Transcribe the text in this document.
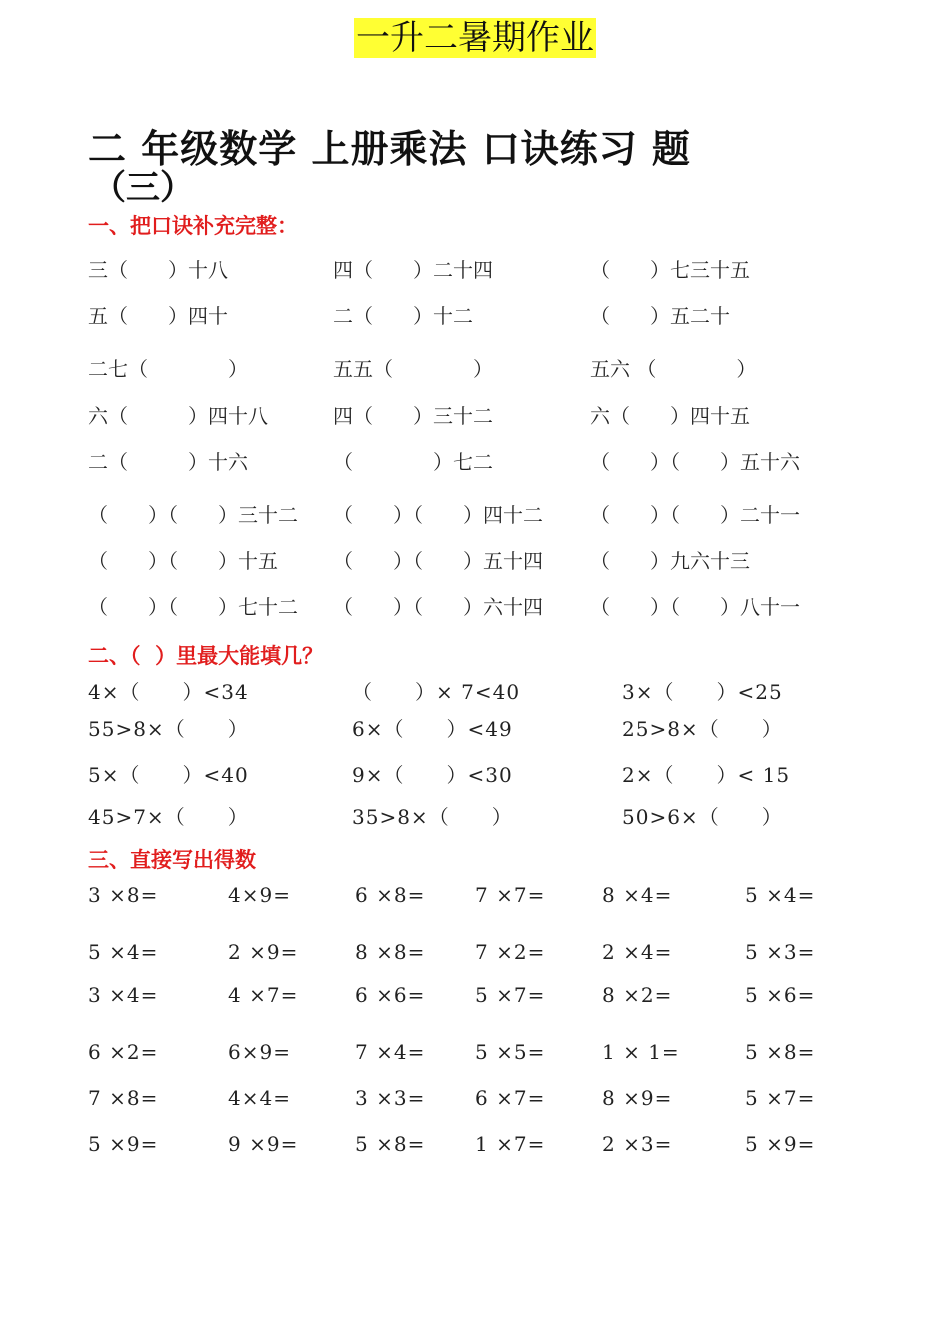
一升二暑期作业
二 年级数学 上册乘法 口诀练习 题
（三）
一、把口诀补充完整：
三（　　）十八	四（　　）二十四	（　　）七三十五
五（　　）四十	二（　　）十二	（　　）五二十
二七（　　　　）	五五（　　　　）	五六 （　　　　）
六（　　　）四十八	四（　　）三十二	六（　　）四十五
二（　　　）十六	（　　　　）七二	（　　）（　　）五十六
（　　）（　　）三十二 （　　）（　　）四十二 （　　）（　　）二十一
（　　）（　　）十五	（　　）（　　）五十四 （　　）九六十三
（　　）（　　）七十二 （　　）（　　）六十四 （　　）（　　）八十一
二、（  ）里最大能填几？
4×（　　）<34	（　　）× 7<40	3×（　　）<25
55>8×（　　）	6×（　　）<49	25>8×（　　）
5×（　　）<40	9×（　　）<30	2×（　　）< 15
45>7×（　　）	35>8×（　　）	50>6×（　　）
三、直接写出得数
3 ×8=	4×9=	6 ×8= 7 ×7=	8 ×4=	5 ×4=
5 ×4=	2 ×9=	8 ×8= 7 ×2=	2 ×4=	5 ×3=
3 ×4=	4 ×7=	6 ×6= 5 ×7=	8 ×2=	5 ×6=
6 ×2=	6×9=	7 ×4= 5 ×5=	1 × 1=	5 ×8=
7 ×8=	4×4=	3 ×3= 6 ×7=	8 ×9=	5 ×7=
5 ×9=	9 ×9=	5 ×8= 1 ×7=	2 ×3=	5 ×9=
